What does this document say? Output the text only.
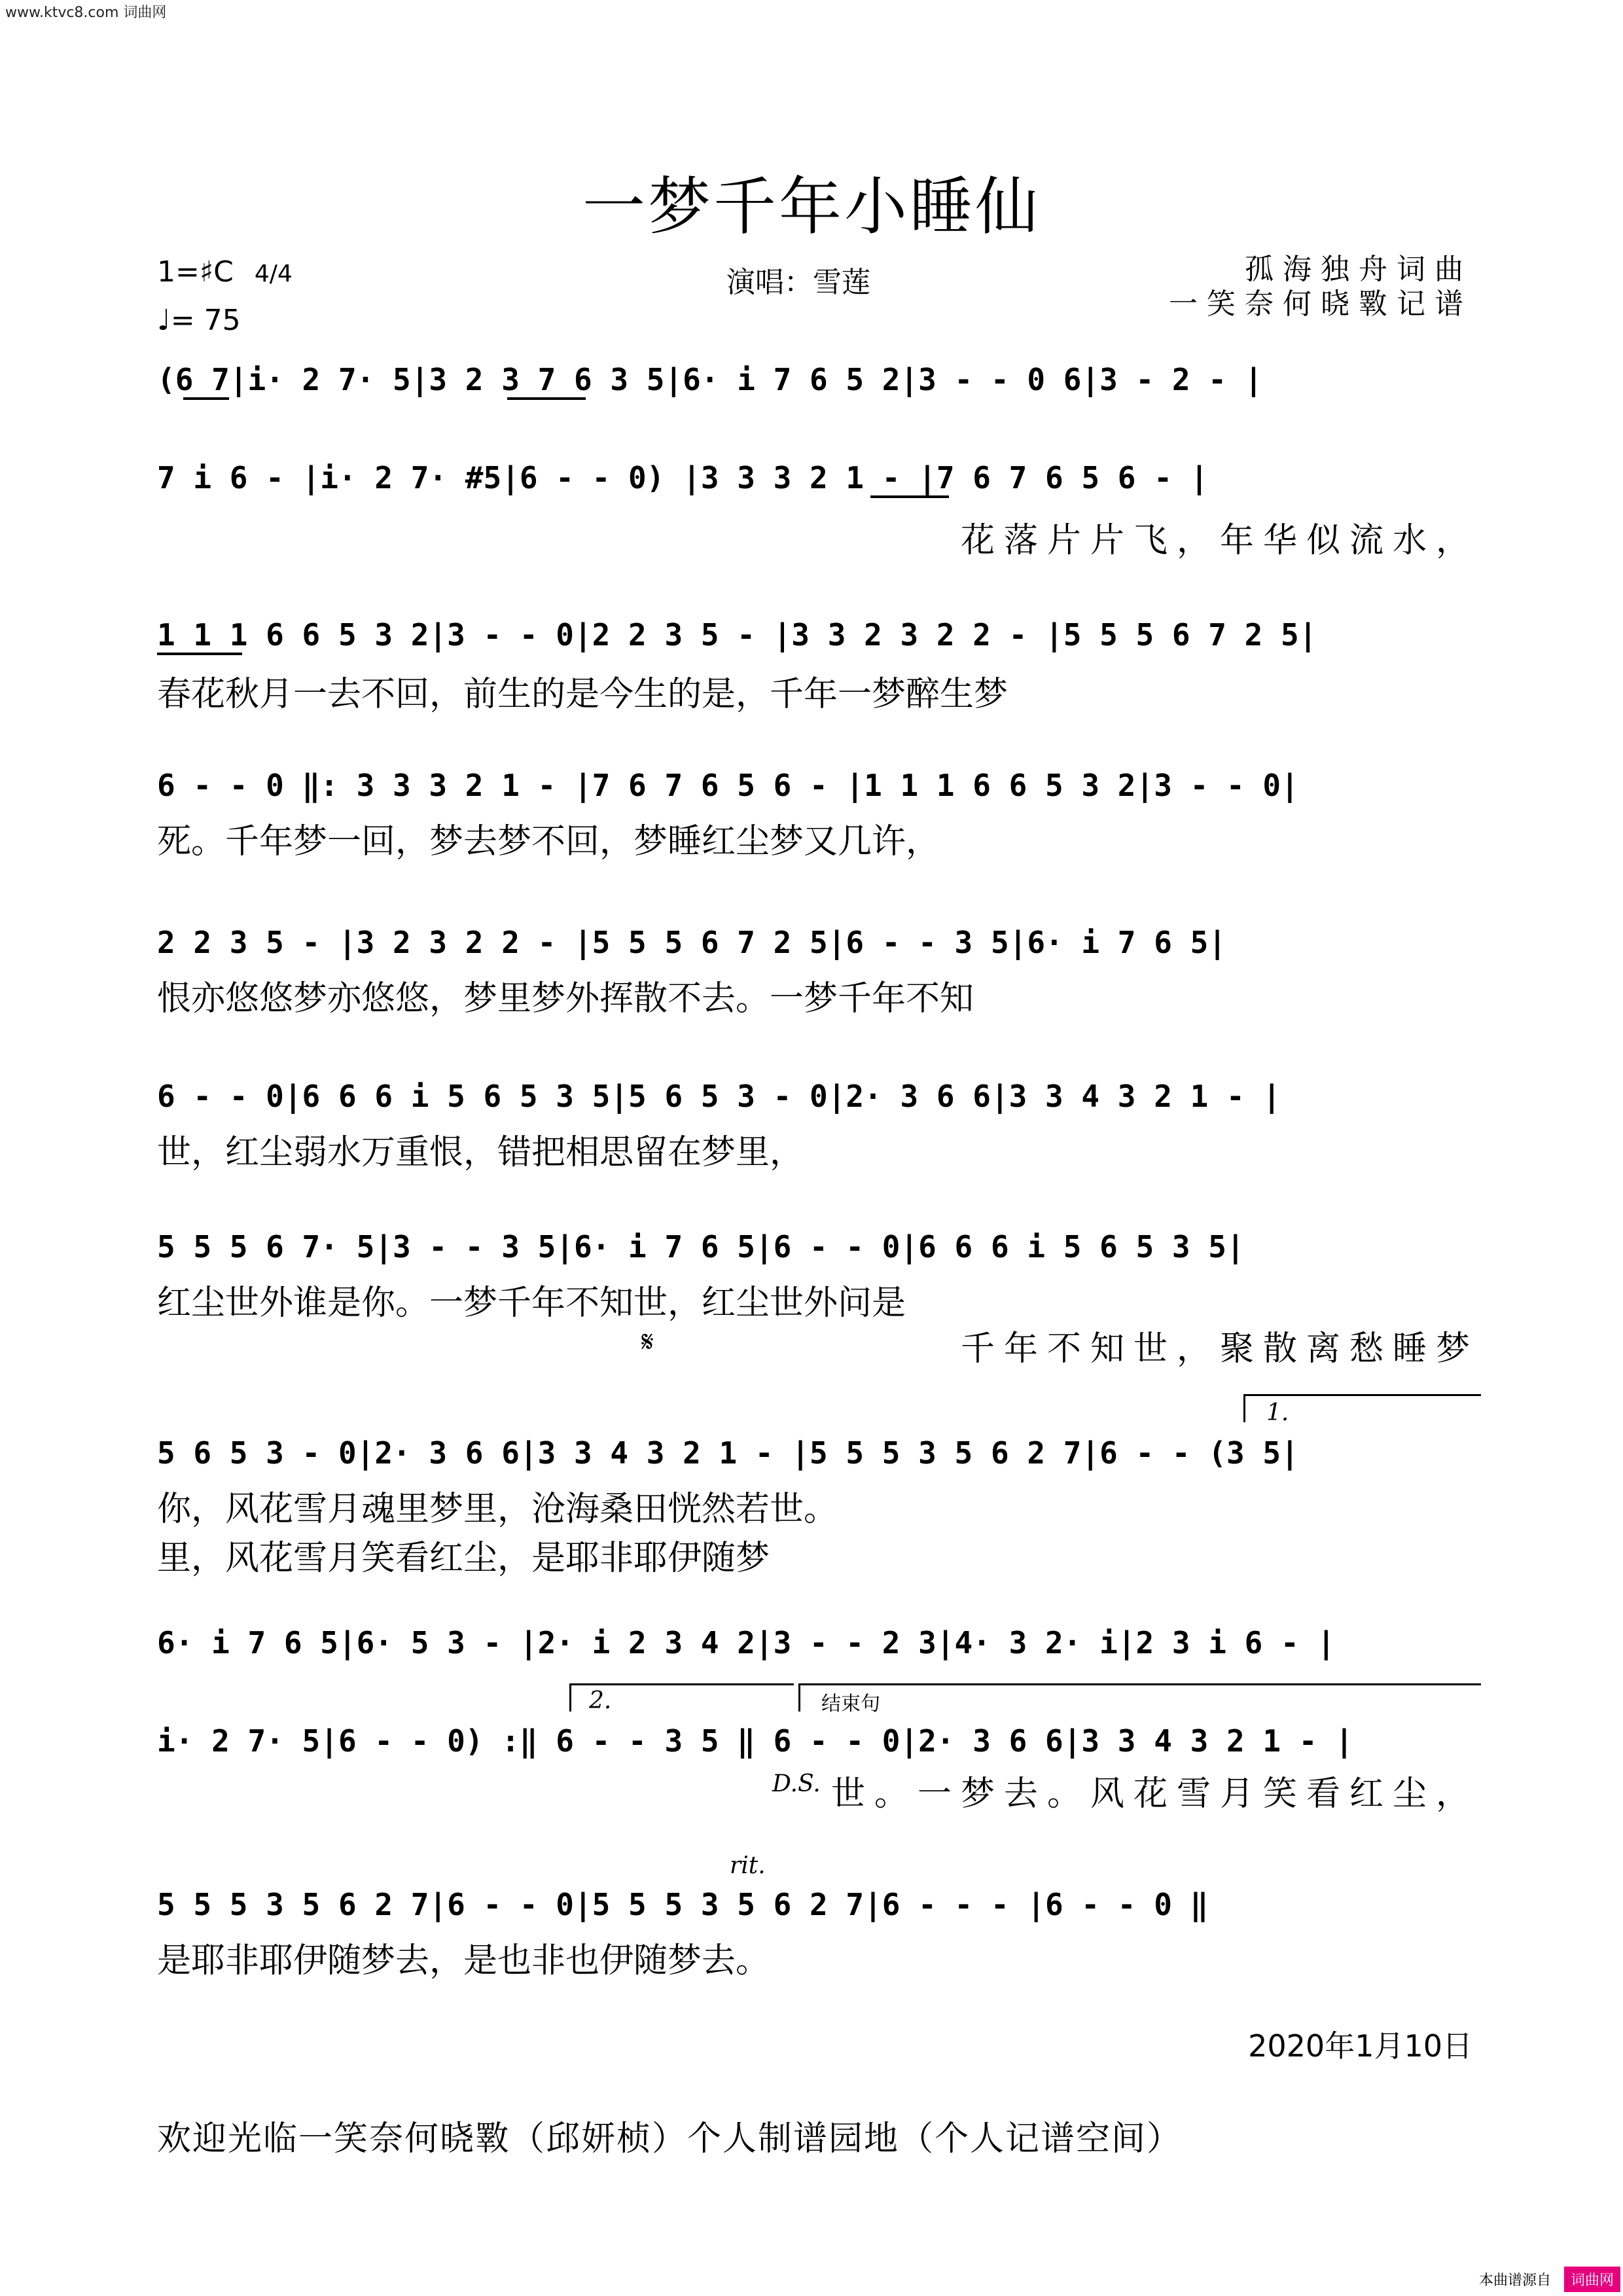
www.ktvc8.com 词曲网
一梦千年小睡仙
1=♯C 4/4
♩= 75
演唱：雪莲	孤海独舟词曲
一笑奈何晓斁记谱
(6 7|i· 2 7· 5|3 2 3 7 6 3 5|6· i 7 6 5 2|3 - - 0 6|3 - 2 - |
7 i 6 - |i· 2 7· #5|6 - - 0) |3 3 3 2 1 - |7 6 7 6 5 6 - |
花落片片飞，年华似流水，
1 1 1 6 6 5 3 2|3 - - 0|2 2 3 5 - |3 3 2 3 2 2 - |5 5 5 6 7 2 5|
春花秋月一去不回，前生的是今生的是，千年一梦醉生梦
6 - - 0 ‖: 3 3 3 2 1 - |7 6 7 6 5 6 - |1 1 1 6 6 5 3 2|3 - - 0|
死。千年梦一回，梦去梦不回，梦睡红尘梦又几许，
2 2 3 5 - |3 2 3 2 2 - |5 5 5 6 7 2 5|6 - - 3 5|6· i 7 6 5|
恨亦悠悠梦亦悠悠，梦里梦外挥散不去。一梦千年不知
6 - - 0|6 6 6 i 5 6 5 3 5|5 6 5 3 - 0|2· 3 6 6|3 3 4 3 2 1 - |
世，红尘弱水万重恨，错把相思留在梦里，
5 5 5 6 7· 5|3 - - 3 5|6· i 7 6 5|6 - - 0|6 6 6 i 5 6 5 3 5|
红尘世外谁是你。一梦千年不知世，红尘世外问是
𝄋	千年不知世，聚散离愁睡梦
1.
5 6 5 3 - 0|2· 3 6 6|3 3 4 3 2 1 - |5 5 5 3 5 6 2 7|6 - - (3 5|
你，风花雪月魂里梦里，沧海桑田恍然若世。
里，风花雪月笑看红尘，是耶非耶伊随梦
6· i 7 6 5|6· 5 3 - |2· i 2 3 4 2|3 - - 2 3|4· 3 2· i|2 3 i 6 - |
2.	结束句
i· 2 7· 5|6 - - 0) :‖ 6 - - 3 5 ‖ 6 - - 0|2· 3 6 6|3 3 4 3 2 1 - |
D.S. 世。一梦去。风花雪月笑看红尘，
rit.
5 5 5 3 5 6 2 7|6 - - 0|5 5 5 3 5 6 2 7|6 - - - |6 - - 0 ‖
是耶非耶伊随梦去，是也非也伊随梦去。
2020年1月10日
欢迎光临一笑奈何晓斁（邱妍桢）个人制谱园地（个人记谱空间）
本曲谱源自	词曲网
